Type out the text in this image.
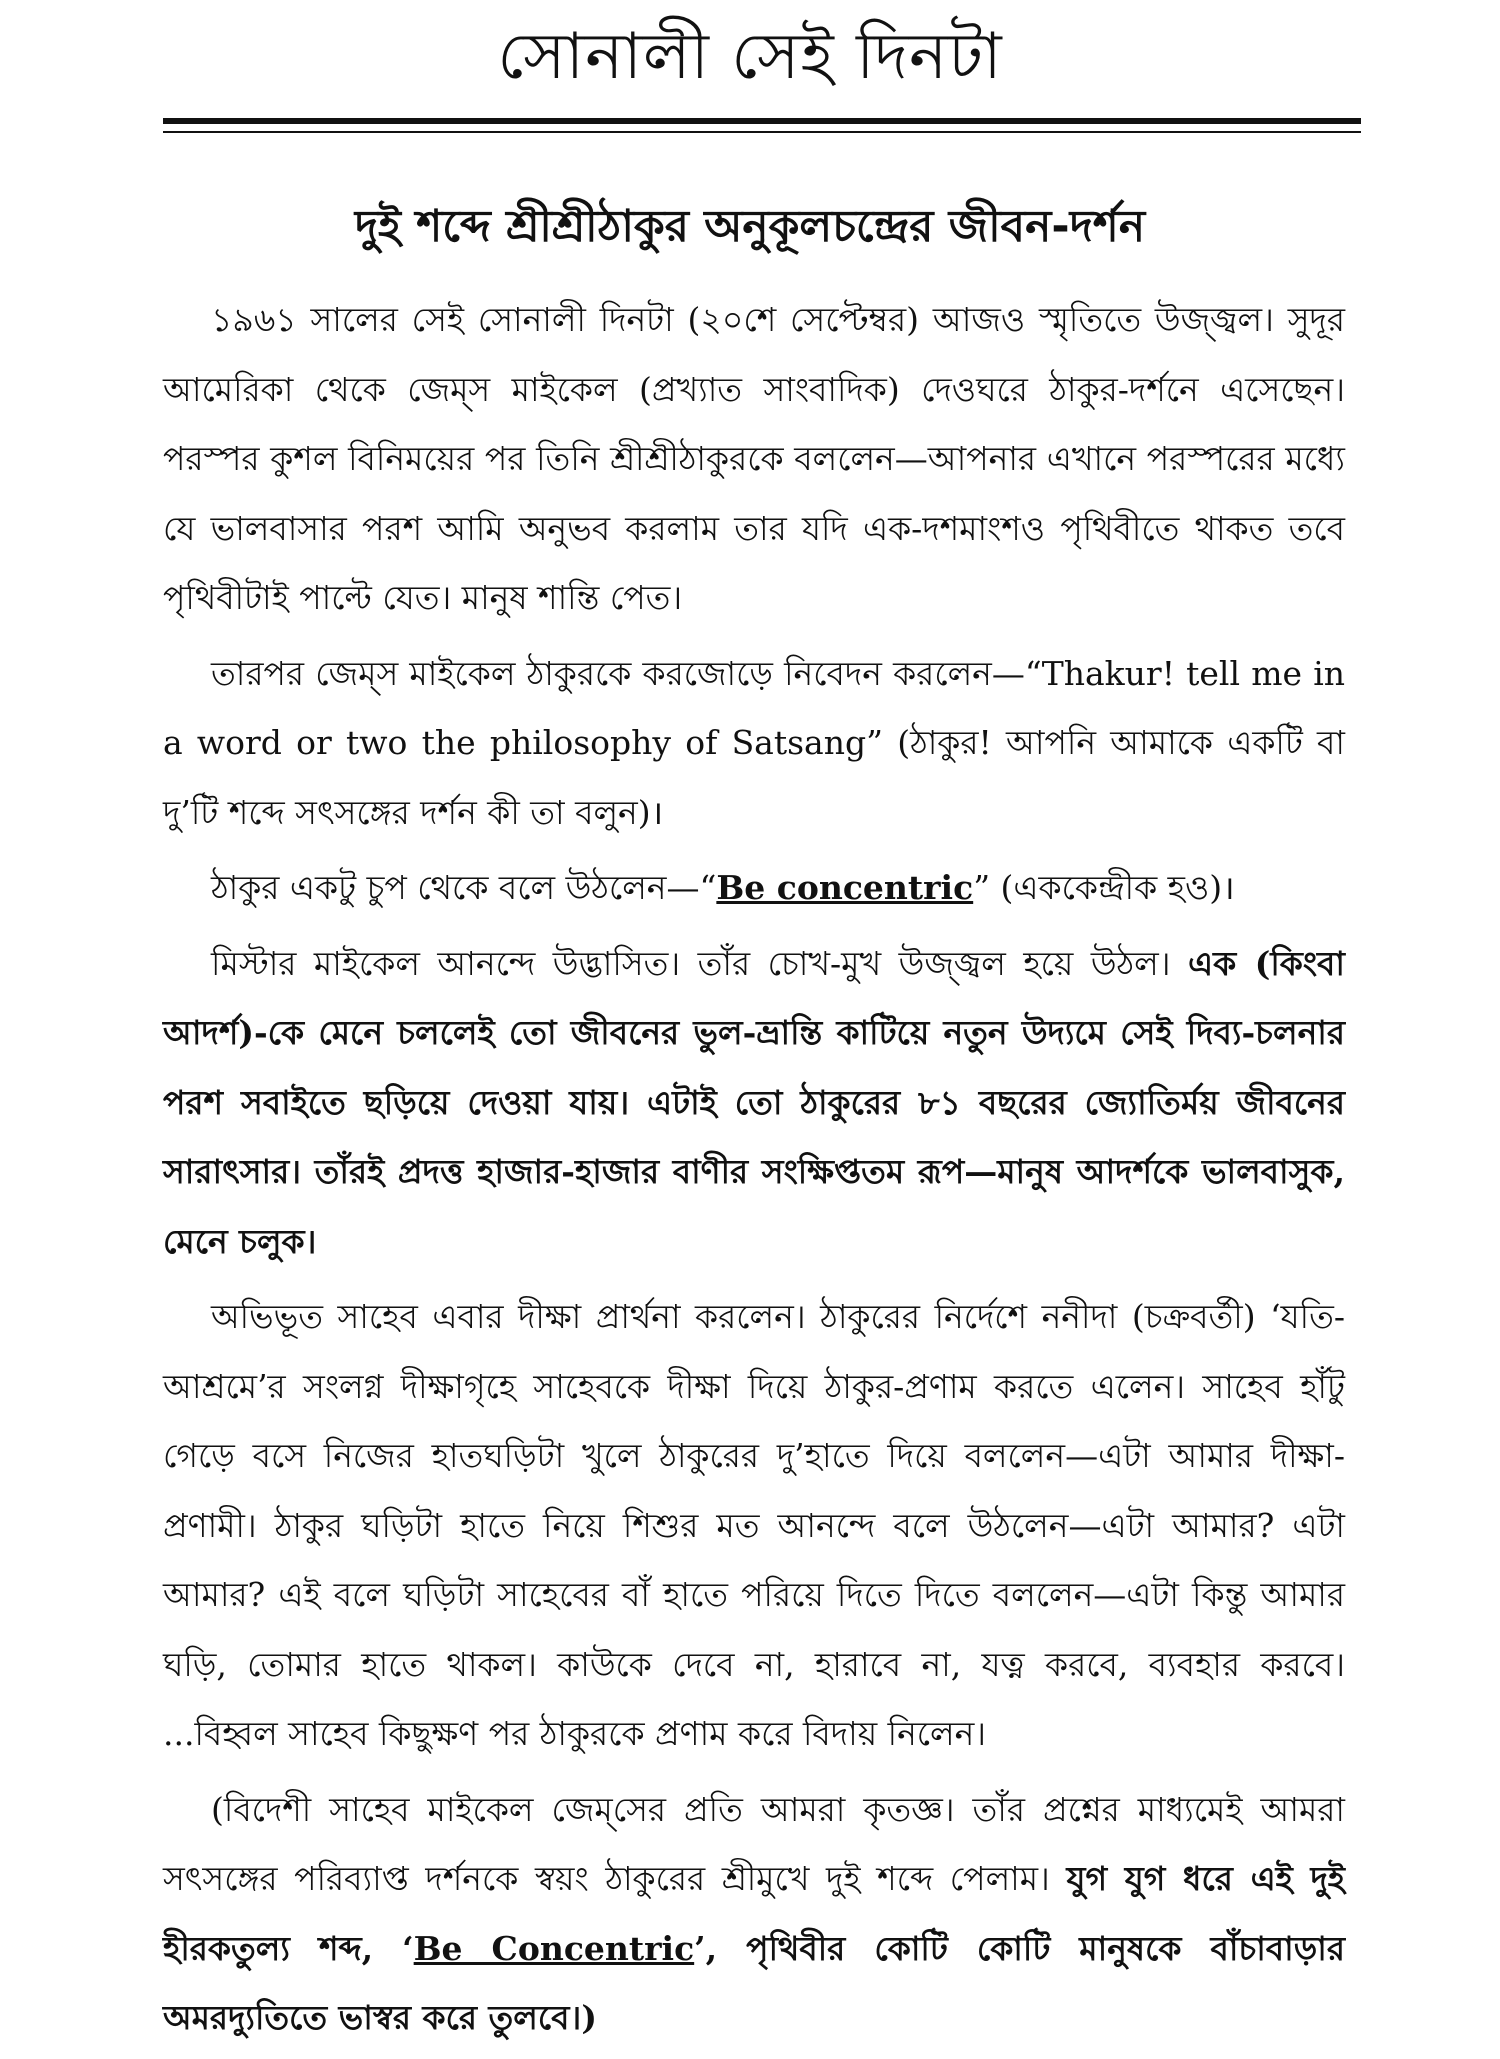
সোনালী সেই দিনটা
দুই শব্দে শ্রীশ্রীঠাকুর অনুকূলচন্দ্রের জীবন-দর্শন

১৯৬১ সালের সেই সোনালী দিনটা (২০শে সেপ্টেম্বর) আজও স্মৃতিতে উজ্জ্বল। সুদূর আমেরিকা থেকে জেম্‌স মাইকেল (প্রখ্যাত সাংবাদিক) দেওঘরে ঠাকুর-দর্শনে এসেছেন। পরস্পর কুশল বিনিময়ের পর তিনি শ্রীশ্রীঠাকুরকে বললেন—আপনার এখানে পরস্পরের মধ্যে যে ভালবাসার পরশ আমি অনুভব করলাম তার যদি এক-দশমাংশও পৃথিবীতে থাকত তবে পৃথিবীটাই পাল্টে যেত। মানুষ শান্তি পেত।

তারপর জেম্‌স মাইকেল ঠাকুরকে করজোড়ে নিবেদন করলেন—“Thakur! tell me in a word or two the philosophy of Satsang” (ঠাকুর! আপনি আমাকে একটি বা দু’টি শব্দে সৎসঙ্গের দর্শন কী তা বলুন)।

ঠাকুর একটু চুপ থেকে বলে উঠলেন—“Be concentric” (এককেন্দ্রীক হও)।

মিস্টার মাইকেল আনন্দে উদ্ভাসিত। তাঁর চোখ-মুখ উজ্জ্বল হয়ে উঠল। এক (কিংবা আদর্শ)-কে মেনে চললেই তো জীবনের ভুল-ভ্রান্তি কাটিয়ে নতুন উদ্যমে সেই দিব্য-চলনার পরশ সবাইতে ছড়িয়ে দেওয়া যায়। এটাই তো ঠাকুরের ৮১ বছরের জ্যোতির্ময় জীবনের সারাৎসার। তাঁরই প্রদত্ত হাজার-হাজার বাণীর সংক্ষিপ্ততম রূপ—মানুষ আদর্শকে ভালবাসুক, মেনে চলুক।

অভিভূত সাহেব এবার দীক্ষা প্রার্থনা করলেন। ঠাকুরের নির্দেশে ননীদা (চক্রবর্তী) ‘যতি-আশ্রমে’র সংলগ্ন দীক্ষাগৃহে সাহেবকে দীক্ষা দিয়ে ঠাকুর-প্রণাম করতে এলেন। সাহেব হাঁটু গেড়ে বসে নিজের হাতঘড়িটা খুলে ঠাকুরের দু’হাতে দিয়ে বললেন—এটা আমার দীক্ষা-প্রণামী। ঠাকুর ঘড়িটা হাতে নিয়ে শিশুর মত আনন্দে বলে উঠলেন—এটা আমার? এটা আমার? এই বলে ঘড়িটা সাহেবের বাঁ হাতে পরিয়ে দিতে দিতে বললেন—এটা কিন্তু আমার ঘড়ি, তোমার হাতে থাকল। কাউকে দেবে না, হারাবে না, যত্ন করবে, ব্যবহার করবে। ...বিহ্বল সাহেব কিছুক্ষণ পর ঠাকুরকে প্রণাম করে বিদায় নিলেন।

(বিদেশী সাহেব মাইকেল জেম্‌সের প্রতি আমরা কৃতজ্ঞ। তাঁর প্রশ্নের মাধ্যমেই আমরা সৎসঙ্গের পরিব্যাপ্ত দর্শনকে স্বয়ং ঠাকুরের শ্রীমুখে দুই শব্দে পেলাম। যুগ যুগ ধরে এই দুই হীরকতুল্য শব্দ, ‘Be Concentric’, পৃথিবীর কোটি কোটি মানুষকে বাঁচাবাড়ার অমরদ্যুতিতে ভাস্বর করে তুলবে।)
